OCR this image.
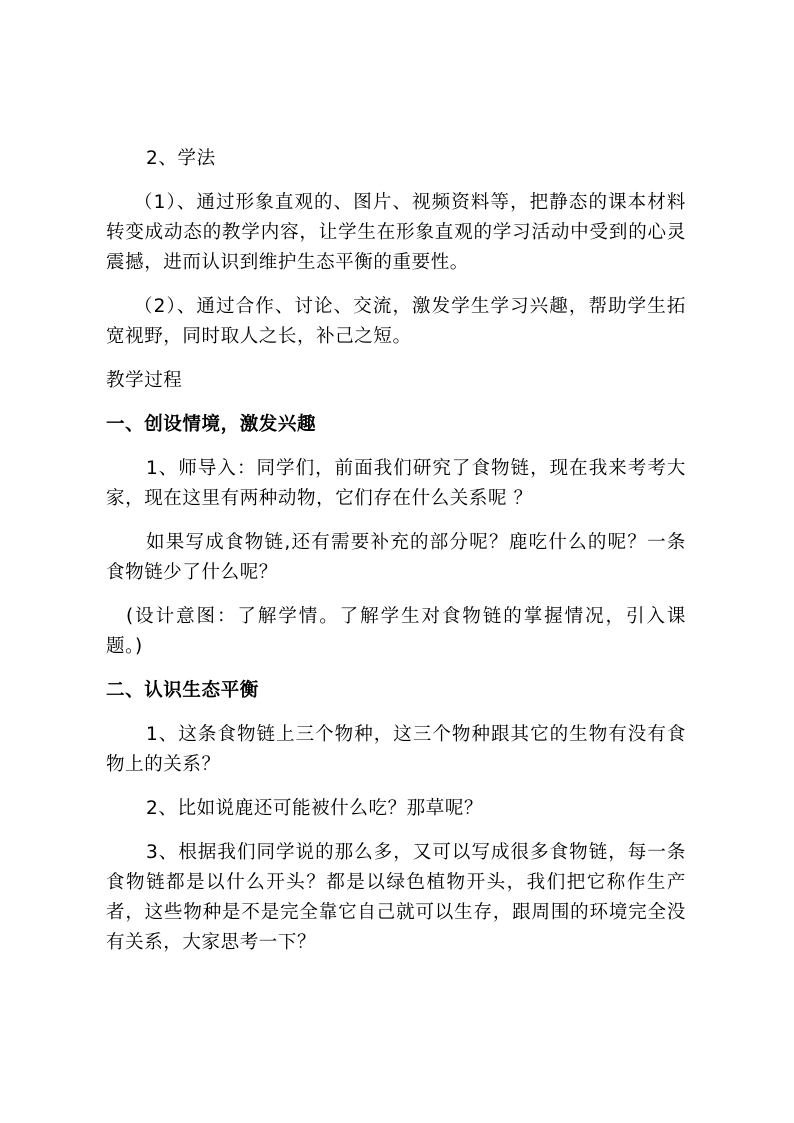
2、学法

（1）、通过形象直观的、图片、视频资料等，把静态的课本材料转变成动态的教学内容，让学生在形象直观的学习活动中受到的心灵震撼，进而认识到维护生态平衡的重要性。

（2）、通过合作、讨论、交流，激发学生学习兴趣，帮助学生拓宽视野，同时取人之长，补己之短。

教学过程

一、创设情境，激发兴趣

1、师导入：同学们，前面我们研究了食物链，现在我来考考大家，现在这里有两种动物，它们存在什么关系呢 ？

如果写成食物链,还有需要补充的部分呢？鹿吃什么的呢？一条食物链少了什么呢？

(设计意图：了解学情。了解学生对食物链的掌握情况，引入课题。)

二、认识生态平衡

1、这条食物链上三个物种，这三个物种跟其它的生物有没有食物上的关系？

2、比如说鹿还可能被什么吃？那草呢？

3、根据我们同学说的那么多，又可以写成很多食物链，每一条食物链都是以什么开头？都是以绿色植物开头，我们把它称作生产者，这些物种是不是完全靠它自己就可以生存，跟周围的环境完全没有关系，大家思考一下？
